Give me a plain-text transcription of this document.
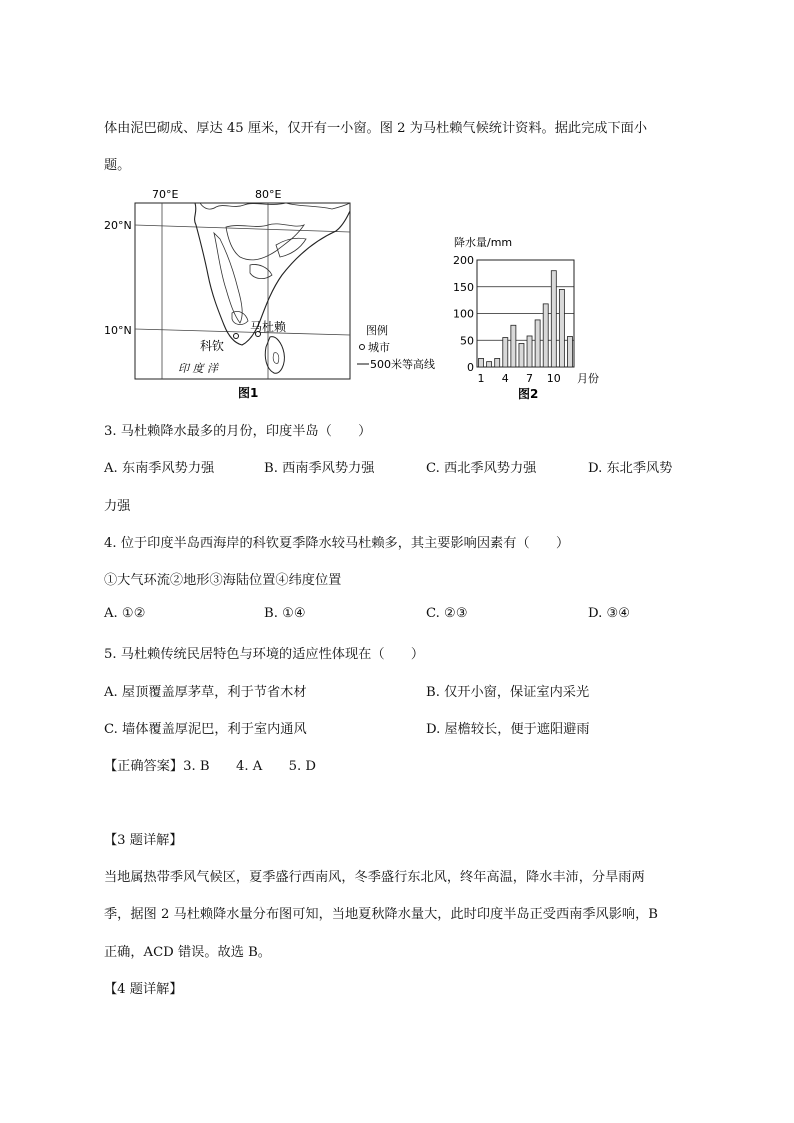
体由泥巴砌成、厚达 45 厘米，仅开有一小窗。图 2 为马杜赖气候统计资料。据此完成下面小
题。
70°E	80°E
20°N
10°N	马杜赖
科钦
印 度 洋
图例
图1
城市
500米等高线
降水量/mm
0
50
100
150
200
1 4 7 10 月份
图2
3. 马杜赖降水最多的月份，印度半岛（　　）
A. 东南季风势力强	B. 西南季风势力强	C. 西北季风势力强	D. 东北季风势
力强
4. 位于印度半岛西海岸的科钦夏季降水较马杜赖多，其主要影响因素有（　　）
①大气环流②地形③海陆位置④纬度位置
A. ①②	B. ①④	C. ②③	D. ③④
5. 马杜赖传统民居特色与环境的适应性体现在（　　）
A. 屋顶覆盖厚茅草，利于节省木材	B. 仅开小窗，保证室内采光
C. 墙体覆盖厚泥巴，利于室内通风	D. 屋檐较长，便于遮阳避雨
【正确答案】3. B　　4. A　　5. D
【3 题详解】
当地属热带季风气候区，夏季盛行西南风，冬季盛行东北风，终年高温，降水丰沛，分旱雨两
季，据图 2 马杜赖降水量分布图可知，当地夏秋降水量大，此时印度半岛正受西南季风影响，B
正确，ACD 错误。故选 B。
【4 题详解】
